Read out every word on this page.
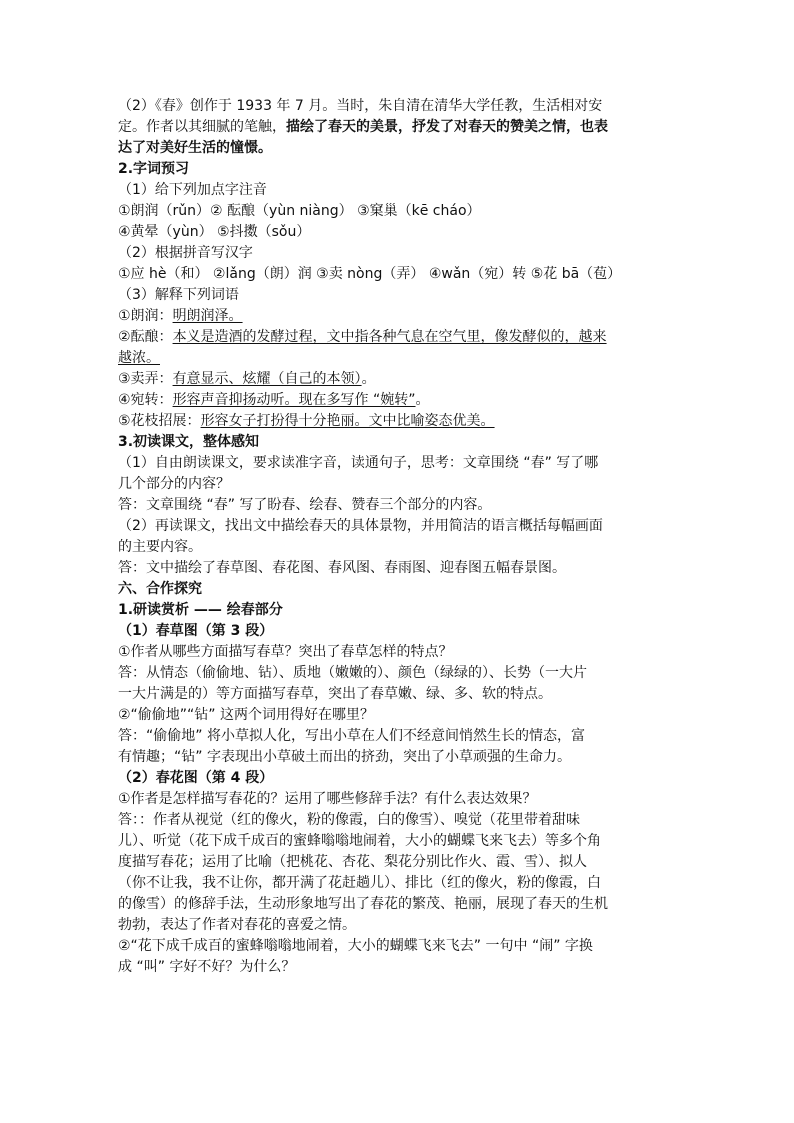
（2）《春》创作于 1933 年 7 月。当时，朱自清在清华大学任教，生活相对安
定。作者以其细腻的笔触，描绘了春天的美景，抒发了对春天的赞美之情，也表
达了对美好生活的憧憬。
2.字词预习
（1）给下列加点字注音
①朗润（rǔn）② 酝酿（yùn niàng） ③窠巢（kē cháo）
④黄晕（yùn） ⑤抖擞（sǒu）
（2）根据拼音写汉字
①应 hè（和） ②lǎng（朗）润 ③卖 nòng（弄） ④wǎn（宛）转 ⑤花 bā（苞）
（3）解释下列词语
①朗润：明朗润泽。
②酝酿：本义是造酒的发酵过程，文中指各种气息在空气里，像发酵似的，越来
越浓。
③卖弄：有意显示、炫耀（自己的本领）。
④宛转：形容声音抑扬动听。现在多写作 “婉转”。
⑤花枝招展：形容女子打扮得十分艳丽。文中比喻姿态优美。
3.初读课文，整体感知
（1）自由朗读课文，要求读准字音，读通句子，思考：文章围绕 “春” 写了哪
几个部分的内容？
答：文章围绕 “春” 写了盼春、绘春、赞春三个部分的内容。
（2）再读课文，找出文中描绘春天的具体景物，并用简洁的语言概括每幅画面
的主要内容。
答：文中描绘了春草图、春花图、春风图、春雨图、迎春图五幅春景图。
六、合作探究
1.研读赏析 —— 绘春部分
（1）春草图（第 3 段）
①作者从哪些方面描写春草？突出了春草怎样的特点？
答：从情态（偷偷地、钻）、质地（嫩嫩的）、颜色（绿绿的）、长势（一大片
一大片满是的）等方面描写春草，突出了春草嫩、绿、多、软的特点。
②“偷偷地”“钻” 这两个词用得好在哪里？
答：“偷偷地” 将小草拟人化，写出小草在人们不经意间悄然生长的情态，富
有情趣；“钻” 字表现出小草破土而出的挤劲，突出了小草顽强的生命力。
（2）春花图（第 4 段）
①作者是怎样描写春花的？运用了哪些修辞手法？有什么表达效果？
答：：作者从视觉（红的像火，粉的像霞，白的像雪）、嗅觉（花里带着甜味
儿）、听觉（花下成千成百的蜜蜂嗡嗡地闹着，大小的蝴蝶飞来飞去）等多个角
度描写春花；运用了比喻（把桃花、杏花、梨花分别比作火、霞、雪）、拟人
（你不让我，我不让你，都开满了花赶趟儿）、排比（红的像火，粉的像霞，白
的像雪）的修辞手法，生动形象地写出了春花的繁茂、艳丽，展现了春天的生机
勃勃，表达了作者对春花的喜爱之情。
②“花下成千成百的蜜蜂嗡嗡地闹着，大小的蝴蝶飞来飞去” 一句中 “闹” 字换
成 “叫” 字好不好？为什么？
